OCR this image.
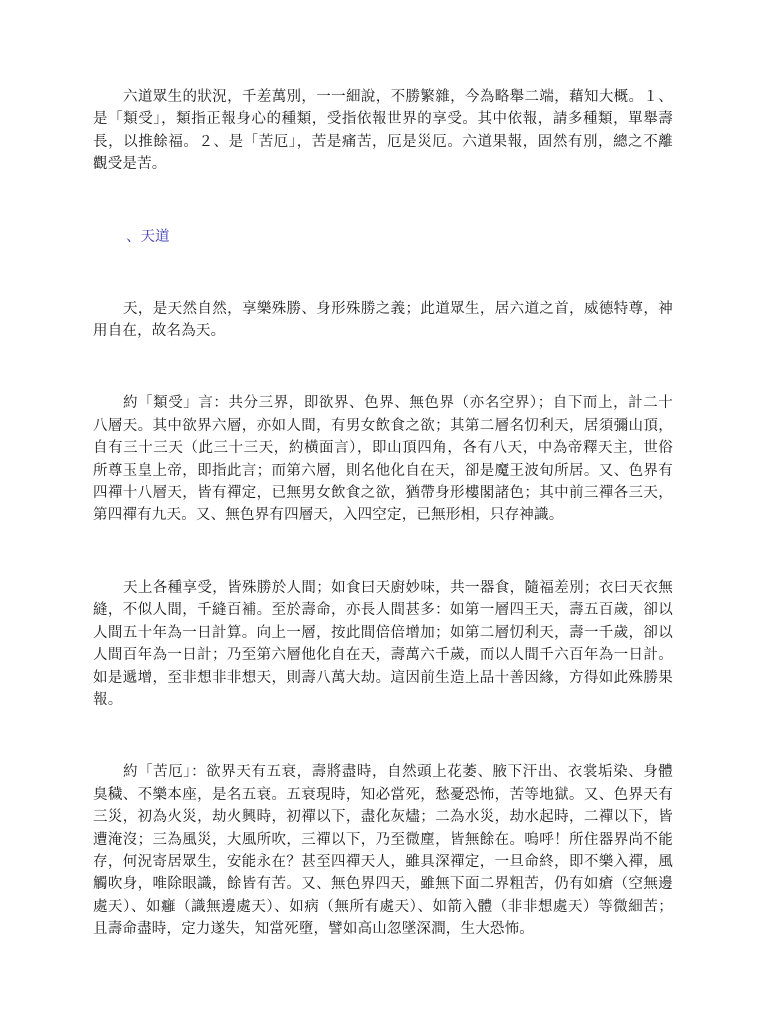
六道眾生的狀況，千差萬別，一一細說，不勝繁雜，今為略舉二端，藉知大概。１、是「類受」，類指正報身心的種類，受指依報世界的享受。其中依報，請多種類，單舉壽長，以推餘福。２、是「苦厄」，苦是痛苦，厄是災厄。六道果報，固然有別，總之不離觀受是苦。

、天道

天，是天然自然，享樂殊勝、身形殊勝之義；此道眾生，居六道之首，威德特尊，神用自在，故名為天。

約「類受」言：共分三界，即欲界、色界、無色界（亦名空界）；自下而上，計二十八層天。其中欲界六層，亦如人間，有男女飲食之欲；其第二層名忉利天，居須彌山頂，自有三十三天（此三十三天，約橫面言），即山頂四角，各有八天，中為帝釋天主，世俗所尊玉皇上帝，即指此言；而第六層，則名他化自在天，卻是魔王波旬所居。又、色界有四禪十八層天，皆有禪定，已無男女飲食之欲，猶帶身形樓閣諸色；其中前三禪各三天，第四禪有九天。又、無色界有四層天，入四空定，已無形相，只存神識。

天上各種享受，皆殊勝於人間；如食曰天廚妙味，共一器食，隨福差別；衣曰天衣無縫，不似人間，千縫百補。至於壽命，亦長人間甚多：如第一層四王天，壽五百歲，卻以人間五十年為一日計算。向上一層，按此間倍倍增加；如第二層忉利天，壽一千歲，卻以人間百年為一日計；乃至第六層他化自在天，壽萬六千歲，而以人間千六百年為一日計。如是遞增，至非想非非想天，則壽八萬大劫。這因前生造上品十善因緣，方得如此殊勝果報。

約「苦厄」：欲界天有五衰，壽將盡時，自然頭上花萎、腋下汗出、衣裳垢染、身體臭穢、不樂本座，是名五衰。五衰現時，知必當死，愁憂恐怖，苦等地獄。又、色界天有三災，初為火災，劫火興時，初禪以下，盡化灰燼；二為水災，劫水起時，二禪以下，皆遭淹沒；三為風災，大風所吹，三禪以下，乃至微塵，皆無餘在。嗚呼！所住器界尚不能存，何況寄居眾生，安能永在？甚至四禪天人，雖具深禪定，一旦命終，即不樂入禪，風觸吹身，唯除眼識，餘皆有苦。又、無色界四天，雖無下面二界粗苦，仍有如瘡（空無邊處天）、如癰（識無邊處天）、如病（無所有處天）、如箭入體（非非想處天）等微細苦；且壽命盡時，定力遂失，知當死墮，譬如高山忽墜深澗，生大恐怖。
